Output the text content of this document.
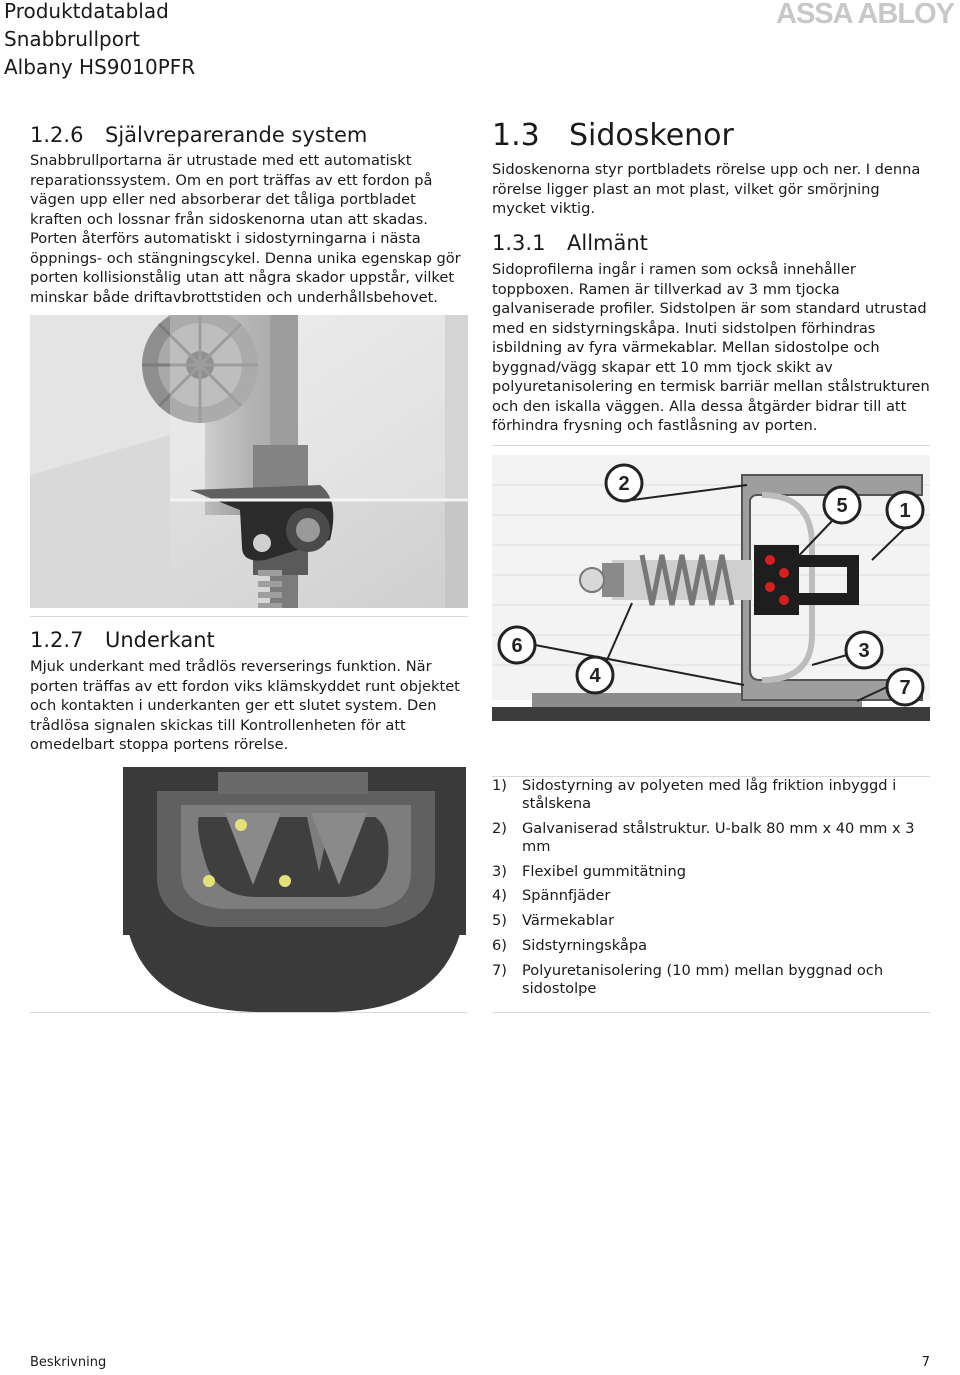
Produktdatablad
Snabbrullport
Albany HS9010PFR
ASSA ABLOY
1.2.6 Självreparerande system

Snabbrullportarna är utrustade med ett automatiskt reparationssystem. Om en port träffas av ett fordon på vägen upp eller ned absorberar det tåliga portbladet kraften och lossnar från sidoskenorna utan att skadas. Porten återförs automatiskt i sidostyrningarna i nästa öppnings- och stängningscykel. Denna unika egenskap gör porten kollisionstålig utan att några skador uppstår, vilket minskar både driftavbrottstiden och underhållsbehovet.

1.2.7 Underkant

Mjuk underkant med trådlös reverserings funktion. När porten träffas av ett fordon viks klämskyddet runt objektet och kontakten i underkanten ger ett slutet system. Den trådlösa signalen skickas till Kontrollenheten för att omedelbart stoppa portens rörelse.

1.3 Sidoskenor

Sidoskenorna styr portbladets rörelse upp och ner. I denna rörelse ligger plast an mot plast, vilket gör smörjning mycket viktig.

1.3.1 Allmänt

Sidoprofilerna ingår i ramen som också innehåller toppboxen. Ramen är tillverkad av 3 mm tjocka galvaniserade profiler. Sidstolpen är som standard utrustad med en sidstyrningskåpa. Inuti sidstolpen förhindras isbildning av fyra värmekablar. Mellan sidostolpe och byggnad/vägg skapar ett 10 mm tjock skikt av polyuretanisolering en termisk barriär mellan stålstrukturen och den iskalla väggen. Alla dessa åtgärder bidrar till att förhindra frysning och fastlåsning av porten.

1
2
3
4
5
6
7
1)	Sidostyrning av polyeten med låg friktion inbyggd i stålskena
2)	Galvaniserad stålstruktur. U-balk 80 mm x 40 mm x 3 mm
3)	Flexibel gummitätning
4)	Spännfjäder
5)	Värmekablar
6)	Sidstyrningskåpa
7)	Polyuretanisolering (10 mm) mellan byggnad och sidostolpe
Beskrivning	7
